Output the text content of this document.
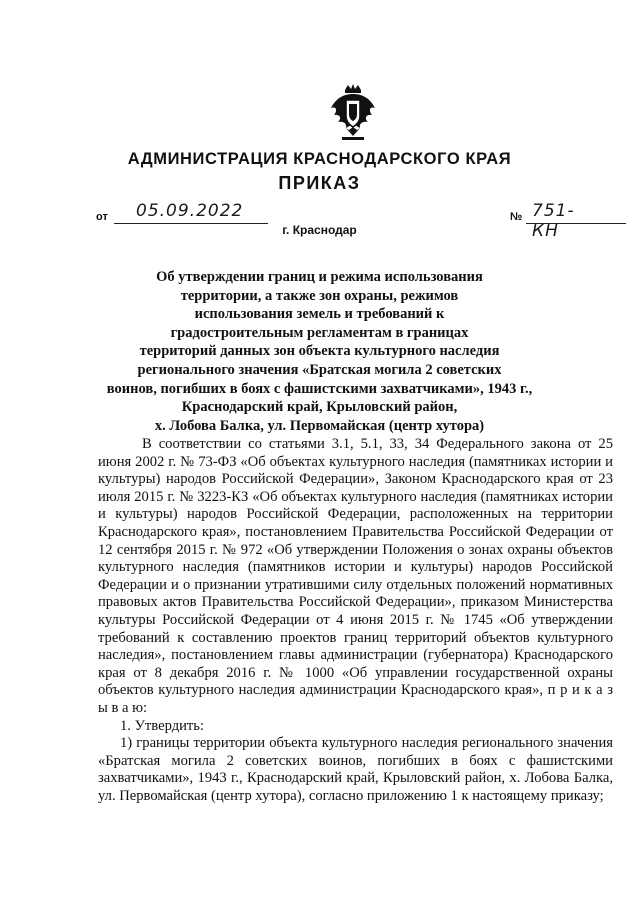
АДМИНИСТРАЦИЯ КРАСНОДАРСКОГО КРАЯ
ПРИКАЗ
от 05.09.2022	№ 751-КН
г. Краснодар
Об утверждении границ и режима использования
территории, а также зон охраны, режимов
использования земель и требований к
градостроительным регламентам в границах
территорий данных зон объекта культурного наследия
регионального значения «Братская могила 2 советских
воинов, погибших в боях с фашистскими захватчиками», 1943 г.,
Краснодарский край, Крыловский район,
х. Лобова Балка, ул. Первомайская (центр хутора)

В соответствии со статьями 3.1, 5.1, 33, 34 Федерального закона от 25 июня 2002 г. № 73-ФЗ «Об объектах культурного наследия (памятниках истории и культуры) народов Российской Федерации», Законом Краснодарского края от 23 июля 2015 г. № 3223-КЗ «Об объектах культурного наследия (памятниках истории и культуры) народов Российской Федерации, расположенных на территории Краснодарского края», постановлением Правительства Российской Федерации от 12 сентября 2015 г. № 972 «Об утверждении Положения о зонах охраны объектов культурного наследия (памятников истории и культуры) народов Российской Федерации и о признании утратившими силу отдельных положений нормативных правовых актов Правительства Российской Федерации», приказом Министерства культуры Российской Федерации от 4 июня 2015 г. № 1745 «Об утверждении требований к составлению проектов границ территорий объектов культурного наследия», постановлением главы администрации (губернатора) Краснодарского края от 8 декабря 2016 г. № 1000 «Об управлении государственной охраны объектов культурного наследия администрации Краснодарского края», п р и к а з ы в а ю:

1. Утвердить:

1) границы территории объекта культурного наследия регионального значения «Братская могила 2 советских воинов, погибших в боях с фашистскими захватчиками», 1943 г., Краснодарский край, Крыловский район, х. Лобова Балка, ул. Первомайская (центр хутора), согласно приложению 1 к настоящему приказу;
